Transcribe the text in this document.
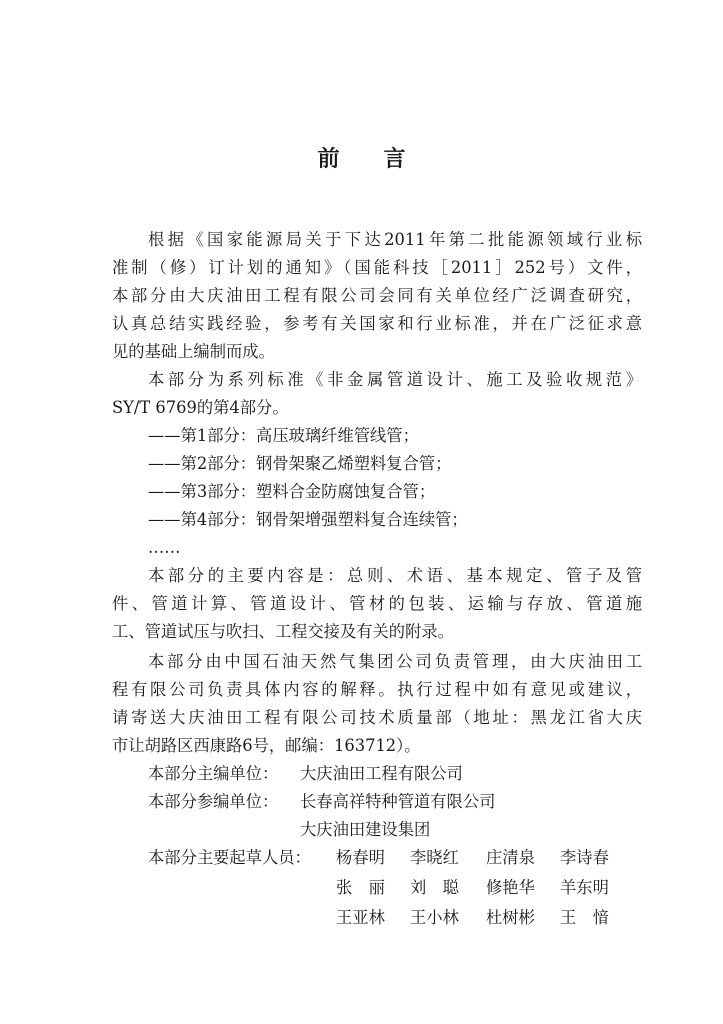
前 言
根据《国家能源局关于下达2011年第二批能源领域行业标
准制（修）订计划的通知》（国能科技［2011］252号）文件，
本部分由大庆油田工程有限公司会同有关单位经广泛调查研究，
认真总结实践经验，参考有关国家和行业标准，并在广泛征求意
见的基础上编制而成。
本部分为系列标准《非金属管道设计、施工及验收规范》
SY/T 6769的第4部分。
——第1部分：高压玻璃纤维管线管；
——第2部分：钢骨架聚乙烯塑料复合管；
——第3部分：塑料合金防腐蚀复合管；
——第4部分：钢骨架增强塑料复合连续管；
……
本部分的主要内容是：总则、术语、基本规定、管子及管
件、管道计算、管道设计、管材的包装、运输与存放、管道施
工、管道试压与吹扫、工程交接及有关的附录。
本部分由中国石油天然气集团公司负责管理，由大庆油田工
程有限公司负责具体内容的解释。执行过程中如有意见或建议，
请寄送大庆油田工程有限公司技术质量部（地址：黑龙江省大庆
市让胡路区西康路6号，邮编：163712）。
本部分主编单位： 大庆油田工程有限公司
本部分参编单位： 长春高祥特种管道有限公司
大庆油田建设集团
本部分主要起草人员： 杨春明 李晓红 庄清泉 李诗春
张　丽 刘　聪 修艳华 羊东明
王亚林 王小林 杜树彬 王　愔
